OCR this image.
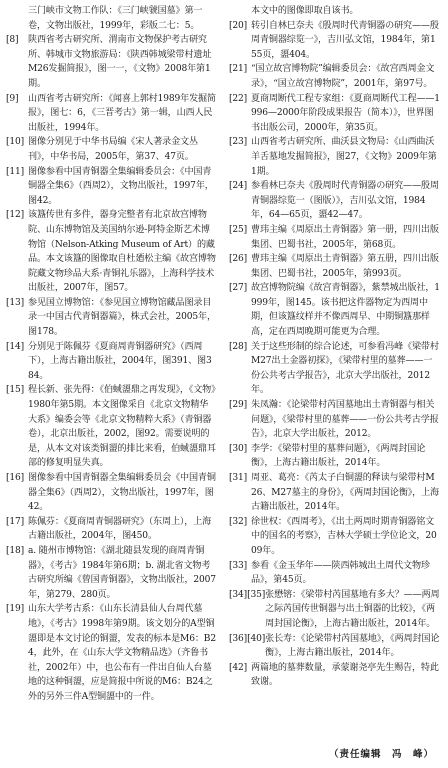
三门峡市文物工作队：《三门峡虢国墓》第一卷，文物出版社，1999年，彩版二七：5。
[8]	陕西省考古研究所、渭南市文物保护考古研究所、韩城市文物旅游局：《陕西韩城梁带村遗址M26发掘简报》，图一一，《文物》2008年第1期。
[9]	山西省考古研究所：《闻喜上郭村1989年发掘简报》，图七：6，《三晋考古》第一辑，山西人民出版社，1994年。
[10] 图像分别见于中华书局编《宋人著录金文丛刊》，中华书局，2005年，第37、47页。
[11] 图像参看中国青铜器全集编辑委员会：《中国青铜器全集6》（西周2），文物出版社，1997年，图42。
[12] 该簋传世有多件，器身完整者有北京故宫博物院、山东博物馆及美国纳尔逊-阿特金斯艺术博物馆（Nelson-Atking Museum of Art）的藏品。本文该簋的图像取自杜廼松主编《故宫博物院藏文物珍品大系·青铜礼乐器》，上海科学技术出版社，2007年，图57。
[13] 参见国立博物馆：《参见国立博物馆藏品图录目录一中国古代青铜器篇》，株式会社，2005年，图178。
[14] 分别见于陈佩芬《夏商周青铜器研究》（西周下），上海古籍出版社，2004年，图391、图384。
[15] 程长新、张先得：《伯蜮盨鼎之再发现》，《文物》1980年第5期。本文图像采自《北京文物精华大系》编委会等《北京文物精粹大系》（青铜器卷），北京出版社，2002，图92。需要说明的是，从本文对该类铜盨的排比来看，伯蜮盨鼎耳部的修复明显失真。
[16] 图像参看中国青铜器全集编辑委员会《中国青铜器全集6》（西周2），文物出版社，1997年，图42。
[17] 陈佩芬：《夏商周青铜器研究》（东周上），上海古籍出版社，2004年，图450。
[18] a. 随州市博物馆：《湖北随县发现的商周青铜器》，《考古》1984年第6期；b. 湖北省文物考古研究所编《曾国青铜器》，文物出版社，2007年，第279、280页。
[19] 山东大学考古系：《山东长清县仙人台周代墓地》，《考古》1998年第9期。该文划分的A型铜盨即是本文讨论的铜盨，发表的标本是M6：B24，此外，在《山东大学文物精品选》（齐鲁书社，2002年）中，也公布有一件出自仙人台墓地的这种铜盨，应是简报中所说的M6：B24之外的另外三件A型铜盨中的一件。
本文中的图像即取自该书。
[20] 转引自林巳奈夫《殷周时代青铜器の研究——殷周青铜器综览一》，吉川弘文馆，1984年，第155页，盨404。
[21] “国立故宫博物院”编辑委员会：《故宫西周金文录》，“国立故宫博物院”，2001年，第97号。
[22] 夏商周断代工程专家组：《夏商周断代工程——1996—2000年阶段成果报告（简本）》，世界图书出版公司，2000年，第35页。
[23] 山西省考古研究所、曲沃县文物局：《山西曲沃羊舌墓地发掘简报》，图27，《文物》2009年第1期。
[24] 参看林巳奈夫《殷周时代青铜器の研究——殷周青铜器综览一（图版）》，吉川弘文馆，1984年，64—65页，盨42—47。
[25] 曹玮主编《周原出土青铜器》第一册，四川出版集团、巴蜀书社，2005年，第68页。
[26] 曹玮主编《周原出土青铜器》第五册，四川出版集团、巴蜀书社，2005年，第993页。
[27] 故宫博物院编《故宫青铜器》，紫禁城出版社，1999年，图145。该书把这件器物定为西周中期，但该簋纹样并不像西周早、中期铜簋那样高，定在西周晚期可能更为合理。
[28] 关于这些形制的综合论述，可参看冯峰《梁带村M27出土金器初探》，《梁带村里的墓葬——一份公共考古学报告》，北京大学出版社，2012年。
[29] 朱凤瀚：《论梁带村芮国墓地出土青铜器与相关问题》，《梁带村里的墓葬——一份公共考古学报告》，北京大学出版社，2012。
[30] 李学：《梁带村里的墓葬问题》，《两周封国论衡》，上海古籍出版社，2014年。
[31] 周亚、葛亮：《芮太子白铜盨的释读与梁带村M26、M27墓主的身份》，《两周封国论衡》，上海古籍出版社，2014年。
[32] 徐世权：《西周考》，《出土两周时期青铜器铭文中的国名的考察》，吉林大学硕士学位论文，2009年。
[33] 参看《金玉华年——陕西韩城出土周代文物珍品》，第45页。
[34][35] 张懋镕：《梁带村芮国墓地有多大？——两周之际芮国传世铜器与出土铜器的比较》，《两周封国论衡》，上海古籍出版社，2014年。
[36][40] 张长寿：《论梁带村芮国墓地》，《两周封国论衡》，上海古籍出版社，2014年。
[42] 两篇地的墓葬数量，承蒙谢尧亭先生赐告，特此致谢。
（责任编辑　冯　峰）
